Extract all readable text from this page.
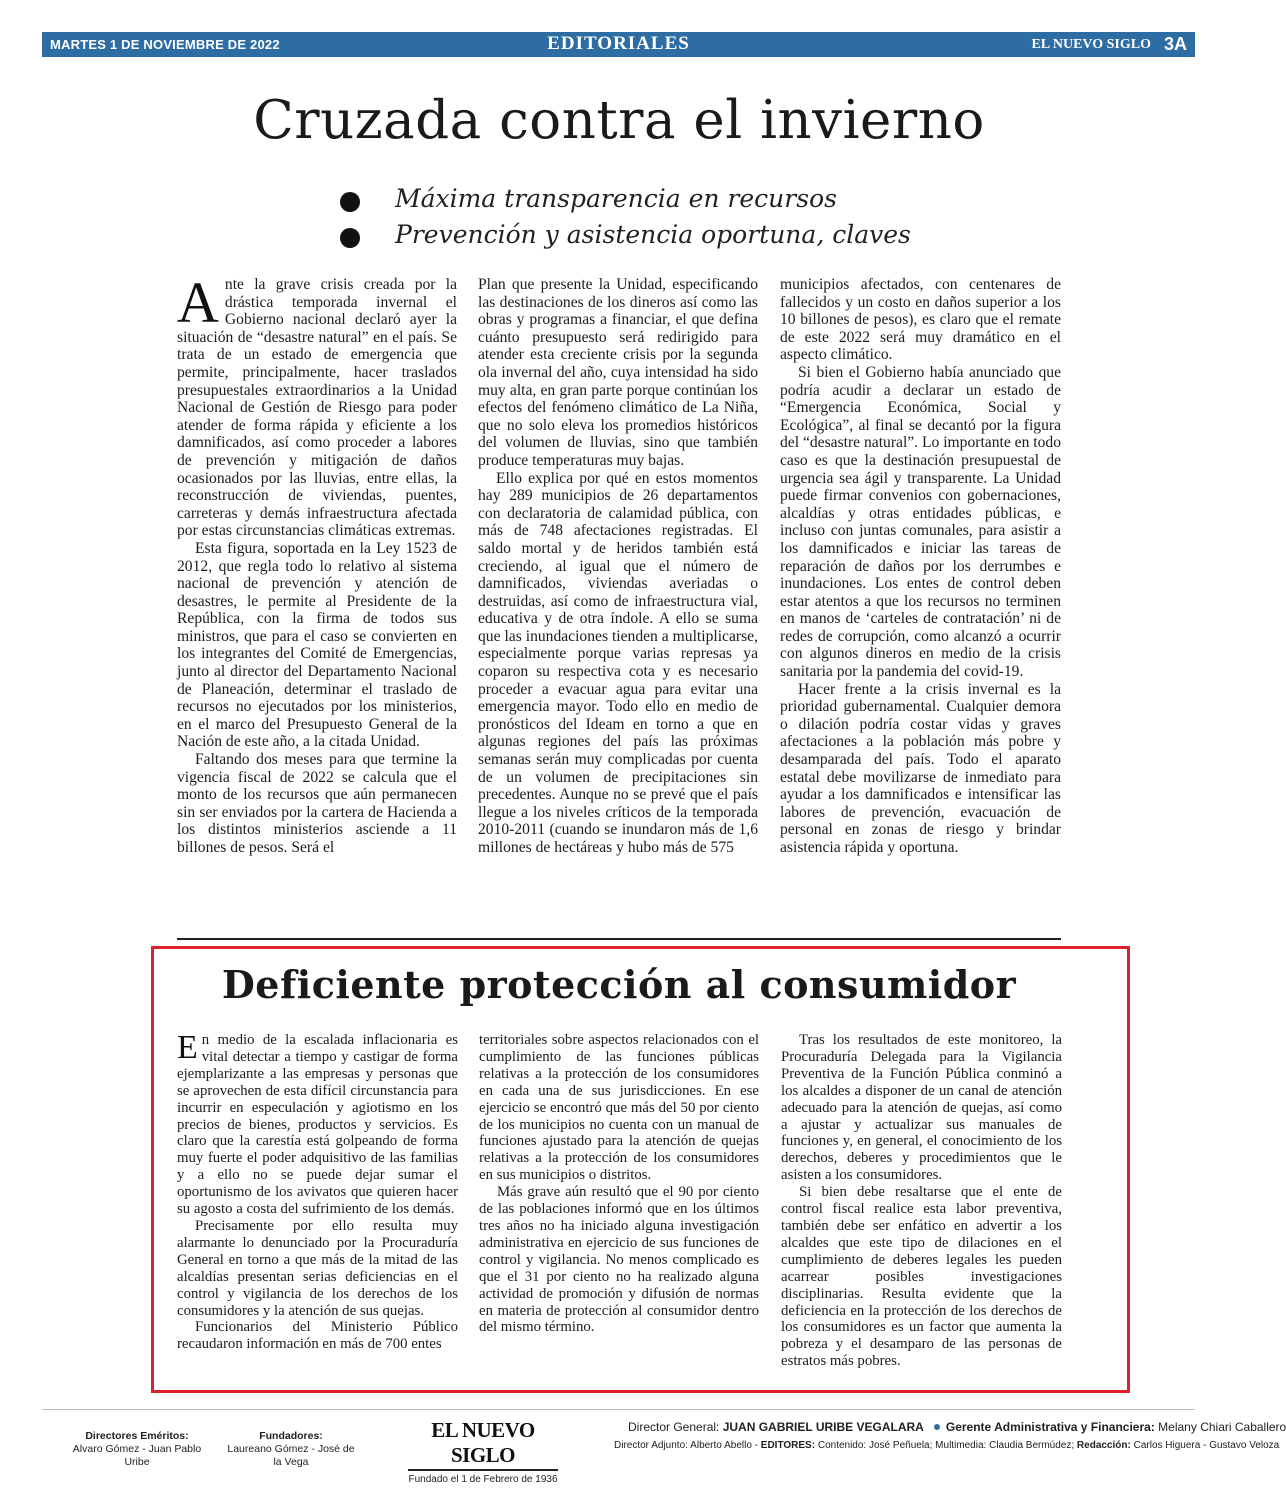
MARTES 1 DE NOVIEMBRE DE 2022	EDITORIALES	EL NUEVO SIGLO 3A
Cruzada contra el invierno
Máxima transparencia en recursos
Prevención y asistencia oportuna, claves

Ante la grave crisis creada por la drástica temporada invernal el Gobierno nacional declaró ayer la situación de “desastre natural” en el país. Se trata de un estado de emergencia que permite, principalmente, hacer traslados presupuestales extraordinarios a la Unidad Nacional de Gestión de Riesgo para poder atender de forma rápida y eficiente a los damnificados, así como proceder a labores de prevención y mitigación de daños ocasionados por las lluvias, entre ellas, la reconstrucción de viviendas, puentes, carreteras y demás infraestructura afectada por estas circunstancias climáticas extremas.

Esta figura, soportada en la Ley 1523 de 2012, que regla todo lo relativo al sistema nacional de prevención y atención de desastres, le permite al Presidente de la República, con la firma de todos sus ministros, que para el caso se convierten en los integrantes del Comité de Emergencias, junto al director del Departamento Nacional de Planeación, determinar el traslado de recursos no ejecutados por los ministerios, en el marco del Presupuesto General de la Nación de este año, a la citada Unidad.

Faltando dos meses para que termine la vigencia fiscal de 2022 se calcula que el monto de los recursos que aún permanecen sin ser enviados por la cartera de Hacienda a los distintos ministerios asciende a 11 billones de pesos. Será el

Plan que presente la Unidad, especificando las destinaciones de los dineros así como las obras y programas a financiar, el que defina cuánto presupuesto será redirigido para atender esta creciente crisis por la segunda ola invernal del año, cuya intensidad ha sido muy alta, en gran parte porque continúan los efectos del fenómeno climático de La Niña, que no solo eleva los promedios históricos del volumen de lluvias, sino que también produce temperaturas muy bajas.

Ello explica por qué en estos momentos hay 289 municipios de 26 departamentos con declaratoria de calamidad pública, con más de 748 afectaciones registradas. El saldo mortal y de heridos también está creciendo, al igual que el número de damnificados, viviendas averiadas o destruidas, así como de infraestructura vial, educativa y de otra índole. A ello se suma que las inundaciones tienden a multiplicarse, especialmente porque varias represas ya coparon su respectiva cota y es necesario proceder a evacuar agua para evitar una emergencia mayor. Todo ello en medio de pronósticos del Ideam en torno a que en algunas regiones del país las próximas semanas serán muy complicadas por cuenta de un volumen de precipitaciones sin precedentes. Aunque no se prevé que el país llegue a los niveles críticos de la temporada 2010-2011 (cuando se inundaron más de 1,6 millones de hectáreas y hubo más de 575

municipios afectados, con centenares de fallecidos y un costo en daños superior a los 10 billones de pesos), es claro que el remate de este 2022 será muy dramático en el aspecto climático.

Si bien el Gobierno había anunciado que podría acudir a declarar un estado de “Emergencia Económica, Social y Ecológica”, al final se decantó por la figura del “desastre natural”. Lo importante en todo caso es que la destinación presupuestal de urgencia sea ágil y transparente. La Unidad puede firmar convenios con gobernaciones, alcaldías y otras entidades públicas, e incluso con juntas comunales, para asistir a los damnificados e iniciar las tareas de reparación de daños por los derrumbes e inundaciones. Los entes de control deben estar atentos a que los recursos no terminen en manos de ‘carteles de contratación’ ni de redes de corrupción, como alcanzó a ocurrir con algunos dineros en medio de la crisis sanitaria por la pandemia del covid-19.

Hacer frente a la crisis invernal es la prioridad gubernamental. Cualquier demora o dilación podría costar vidas y graves afectaciones a la población más pobre y desamparada del país. Todo el aparato estatal debe movilizarse de inmediato para ayudar a los damnificados e intensificar las labores de prevención, evacuación de personal en zonas de riesgo y brindar asistencia rápida y oportuna.

Deficiente protección al consumidor

En medio de la escalada inflacionaria es vital detectar a tiempo y castigar de forma ejemplarizante a las empresas y personas que se aprovechen de esta difícil circunstancia para incurrir en especulación y agiotismo en los precios de bienes, productos y servicios. Es claro que la carestía está golpeando de forma muy fuerte el poder adquisitivo de las familias y a ello no se puede dejar sumar el oportunismo de los avivatos que quieren hacer su agosto a costa del sufrimiento de los demás.

Precisamente por ello resulta muy alarmante lo denunciado por la Procuraduría General en torno a que más de la mitad de las alcaldías presentan serias deficiencias en el control y vigilancia de los derechos de los consumidores y la atención de sus quejas.

Funcionarios del Ministerio Público recaudaron información en más de 700 entes

territoriales sobre aspectos relacionados con el cumplimiento de las funciones públicas relativas a la protección de los consumidores en cada una de sus jurisdicciones. En ese ejercicio se encontró que más del 50 por ciento de los municipios no cuenta con un manual de funciones ajustado para la atención de quejas relativas a la protección de los consumidores en sus municipios o distritos.

Más grave aún resultó que el 90 por ciento de las poblaciones informó que en los últimos tres años no ha iniciado alguna investigación administrativa en ejercicio de sus funciones de control y vigilancia. No menos complicado es que el 31 por ciento no ha realizado alguna actividad de promoción y difusión de normas en materia de protección al consumidor dentro del mismo término.

Tras los resultados de este monitoreo, la Procuraduría Delegada para la Vigilancia Preventiva de la Función Pública conminó a los alcaldes a disponer de un canal de atención adecuado para la atención de quejas, así como a ajustar y actualizar sus manuales de funciones y, en general, el conocimiento de los derechos, deberes y procedimientos que le asisten a los consumidores.

Si bien debe resaltarse que el ente de control fiscal realice esta labor preventiva, también debe ser enfático en advertir a los alcaldes que este tipo de dilaciones en el cumplimiento de deberes legales les pueden acarrear posibles investigaciones disciplinarias. Resulta evidente que la deficiencia en la protección de los derechos de los consumidores es un factor que aumenta la pobreza y el desamparo de las personas de estratos más pobres.

Directores Eméritos:
Alvaro Gómez - Juan Pablo Uribe
Fundadores:
Laureano Gómez - José de la Vega
EL NUEVO SIGLO
Fundado el 1 de Febrero de 1936
Director General: JUAN GABRIEL URIBE VEGALARA Gerente Administrativa y Financiera: Melany Chiari Caballero
Director Adjunto: Alberto Abello - EDITORES: Contenido: José Peñuela; Multimedia: Claudia Bermúdez; Redacción: Carlos Higuera - Gustavo Veloza
